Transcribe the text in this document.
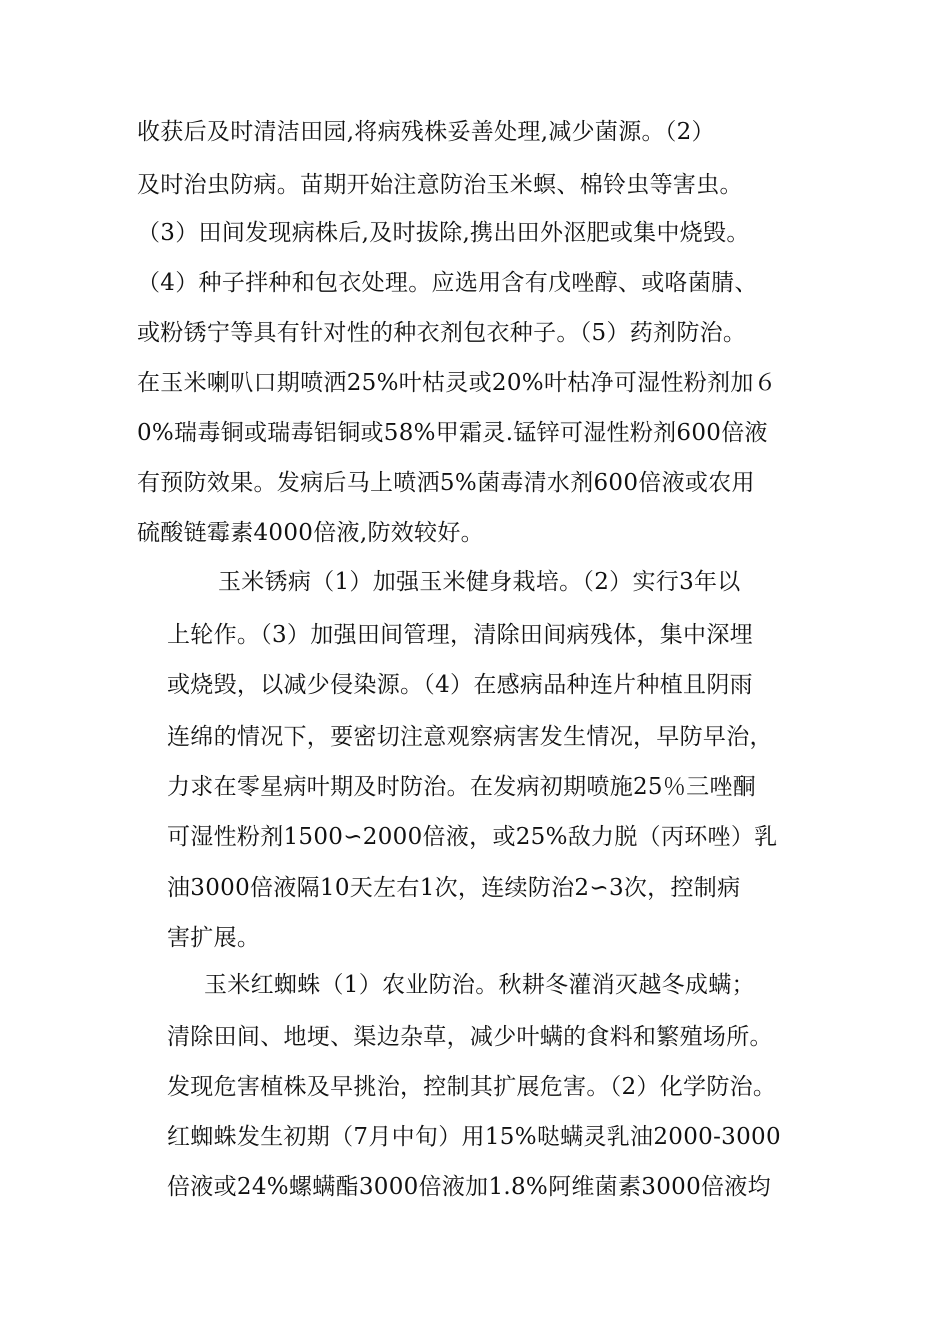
收获后及时清洁田园,将病残株妥善处理,减少菌源。（2）
及时治虫防病。苗期开始注意防治玉米螟、棉铃虫等害虫。
（3）田间发现病株后,及时拔除,携出田外沤肥或集中烧毁。
（4）种子拌种和包衣处理。应选用含有戊唑醇、或咯菌腈、
或粉锈宁等具有针对性的种衣剂包衣种子。（5）药剂防治。
在玉米喇叭口期喷洒25%叶枯灵或20%叶枯净可湿性粉剂加６
0%瑞毒铜或瑞毒铝铜或58%甲霜灵.锰锌可湿性粉剂600倍液
有预防效果。发病后马上喷洒5%菌毒清水剂600倍液或农用
硫酸链霉素4000倍液,防效较好。
玉米锈病（1）加强玉米健身栽培。（2）实行3年以
上轮作。（3）加强田间管理，清除田间病残体，集中深埋
或烧毁，以减少侵染源。（4）在感病品种连片种植且阴雨
连绵的情况下，要密切注意观察病害发生情况，早防早治，
力求在零星病叶期及时防治。在发病初期喷施25％三唑酮
可湿性粉剂1500∽2000倍液，或25%敌力脱（丙环唑）乳
油3000倍液隔10天左右1次，连续防治2∽3次，控制病
害扩展。
玉米红蜘蛛（1）农业防治。秋耕冬灌消灭越冬成螨；
清除田间、地埂、渠边杂草，减少叶螨的食料和繁殖场所。
发现危害植株及早挑治，控制其扩展危害。（2）化学防治。
红蜘蛛发生初期（7月中旬）用15%哒螨灵乳油2000-3000
倍液或24%螺螨酯3000倍液加1.8%阿维菌素3000倍液均
